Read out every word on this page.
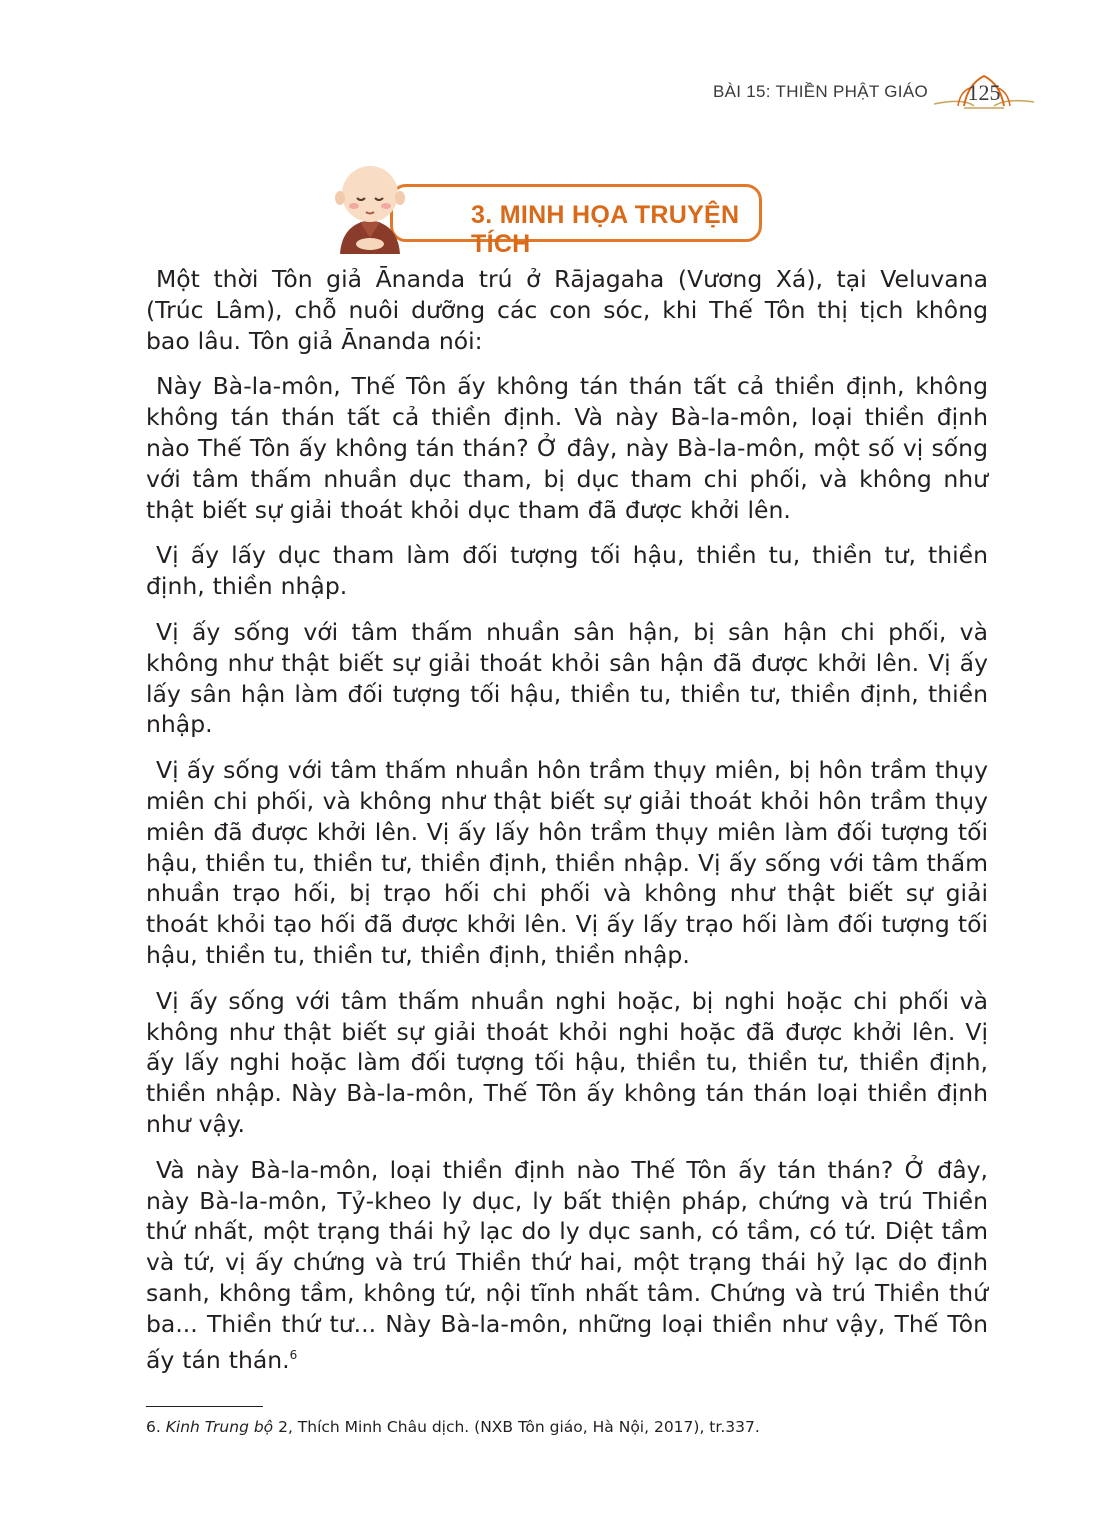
BÀI 15: THIỀN PHẬT GIÁO	125
3. MINH HỌA TRUYỆN TÍCH

Một thời Tôn giả Ānanda trú ở Rājagaha (Vương Xá), tại Veluvana (Trúc Lâm), chỗ nuôi dưỡng các con sóc, khi Thế Tôn thị tịch không bao lâu. Tôn giả Ānanda nói:

Này Bà-la-môn, Thế Tôn ấy không tán thán tất cả thiền định, không không tán thán tất cả thiền định. Và này Bà-la-môn, loại thiền định nào Thế Tôn ấy không tán thán? Ở đây, này Bà-la-môn, một số vị sống với tâm thấm nhuần dục tham, bị dục tham chi phối, và không như thật biết sự giải thoát khỏi dục tham đã được khởi lên.

Vị ấy lấy dục tham làm đối tượng tối hậu, thiền tu, thiền tư, thiền định, thiền nhập.

Vị ấy sống với tâm thấm nhuần sân hận, bị sân hận chi phối, và không như thật biết sự giải thoát khỏi sân hận đã được khởi lên. Vị ấy lấy sân hận làm đối tượng tối hậu, thiền tu, thiền tư, thiền định, thiền nhập.

Vị ấy sống với tâm thấm nhuần hôn trầm thụy miên, bị hôn trầm thụy miên chi phối, và không như thật biết sự giải thoát khỏi hôn trầm thụy miên đã được khởi lên. Vị ấy lấy hôn trầm thụy miên làm đối tượng tối hậu, thiền tu, thiền tư, thiền định, thiền nhập. Vị ấy sống với tâm thấm nhuần trạo hối, bị trạo hối chi phối và không như thật biết sự giải thoát khỏi tạo hối đã được khởi lên. Vị ấy lấy trạo hối làm đối tượng tối hậu, thiền tu, thiền tư, thiền định, thiền nhập.

Vị ấy sống với tâm thấm nhuần nghi hoặc, bị nghi hoặc chi phối và không như thật biết sự giải thoát khỏi nghi hoặc đã được khởi lên. Vị ấy lấy nghi hoặc làm đối tượng tối hậu, thiền tu, thiền tư, thiền định, thiền nhập. Này Bà-la-môn, Thế Tôn ấy không tán thán loại thiền định như vậy.

Và này Bà-la-môn, loại thiền định nào Thế Tôn ấy tán thán? Ở đây, này Bà-la-môn, Tỷ-kheo ly dục, ly bất thiện pháp, chứng và trú Thiền thứ nhất, một trạng thái hỷ lạc do ly dục sanh, có tầm, có tứ. Diệt tầm và tứ, vị ấy chứng và trú Thiền thứ hai, một trạng thái hỷ lạc do định sanh, không tầm, không tứ, nội tĩnh nhất tâm. Chứng và trú Thiền thứ ba... Thiền thứ tư... Này Bà-la-môn, những loại thiền như vậy, Thế Tôn ấy tán thán.$^6$

6. Kinh Trung bộ 2, Thích Minh Châu dịch. (NXB Tôn giáo, Hà Nội, 2017), tr.337.
